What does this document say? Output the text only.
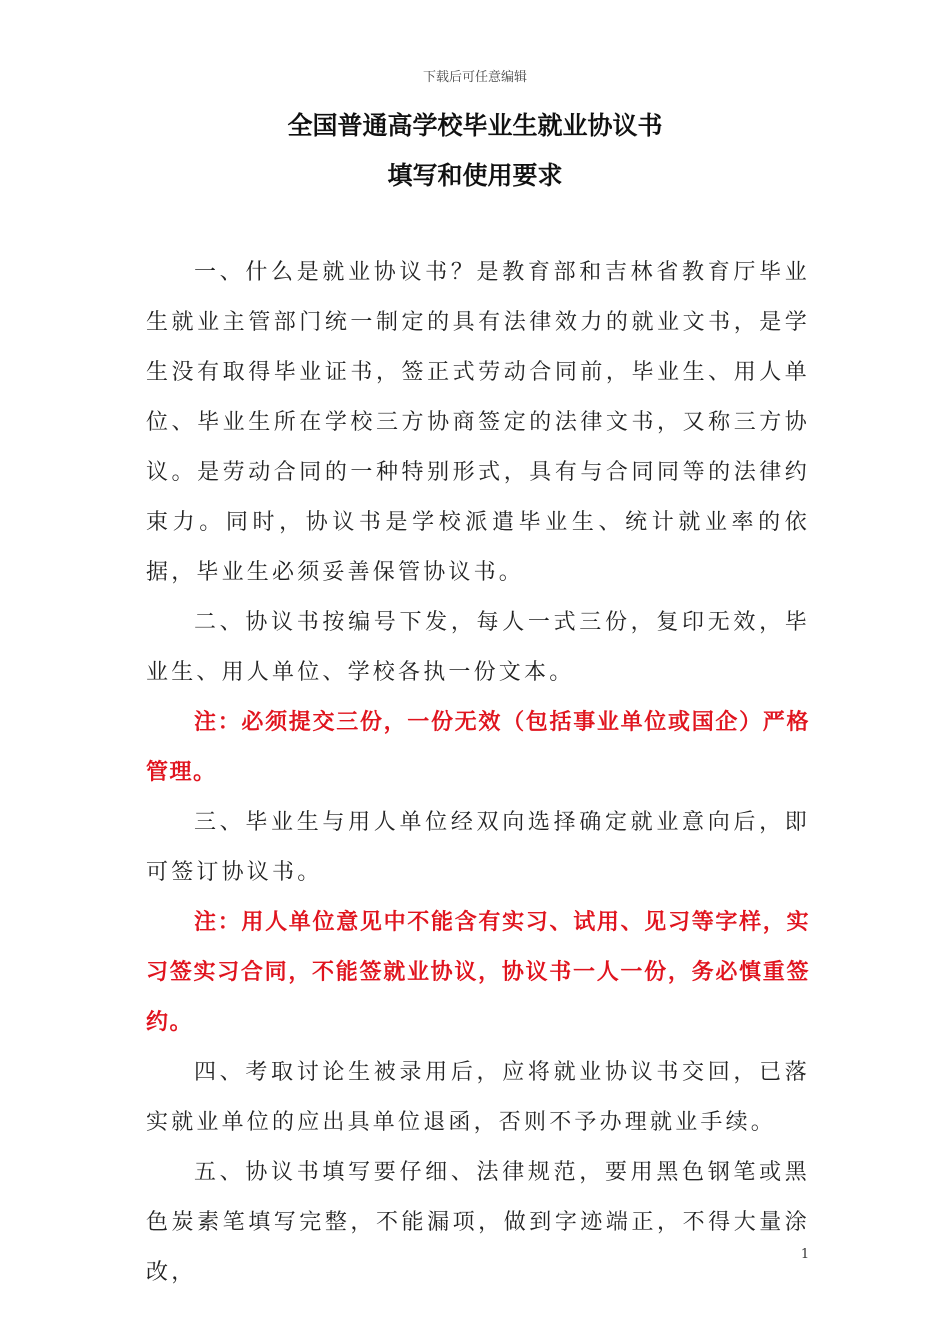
下载后可任意编辑
全国普通高学校毕业生就业协议书
填写和使用要求

一、什么是就业协议书？是教育部和吉林省教育厅毕业生就业主管部门统一制定的具有法律效力的就业文书，是学生没有取得毕业证书，签正式劳动合同前，毕业生、用人单位、毕业生所在学校三方协商签定的法律文书，又称三方协议。是劳动合同的一种特别形式，具有与合同同等的法律约束力。同时，协议书是学校派遣毕业生、统计就业率的依据，毕业生必须妥善保管协议书。

二、协议书按编号下发，每人一式三份，复印无效，毕业生、用人单位、学校各执一份文本。

注：必须提交三份，一份无效（包括事业单位或国企）严格管理。

三、毕业生与用人单位经双向选择确定就业意向后，即可签订协议书。

注：用人单位意见中不能含有实习、试用、见习等字样，实习签实习合同，不能签就业协议，协议书一人一份，务必慎重签约。

四、考取讨论生被录用后，应将就业协议书交回，已落实就业单位的应出具单位退函，否则不予办理就业手续。

五、协议书填写要仔细、法律规范，要用黑色钢笔或黑色炭素笔填写完整，不能漏项，做到字迹端正，不得大量涂改，

1
